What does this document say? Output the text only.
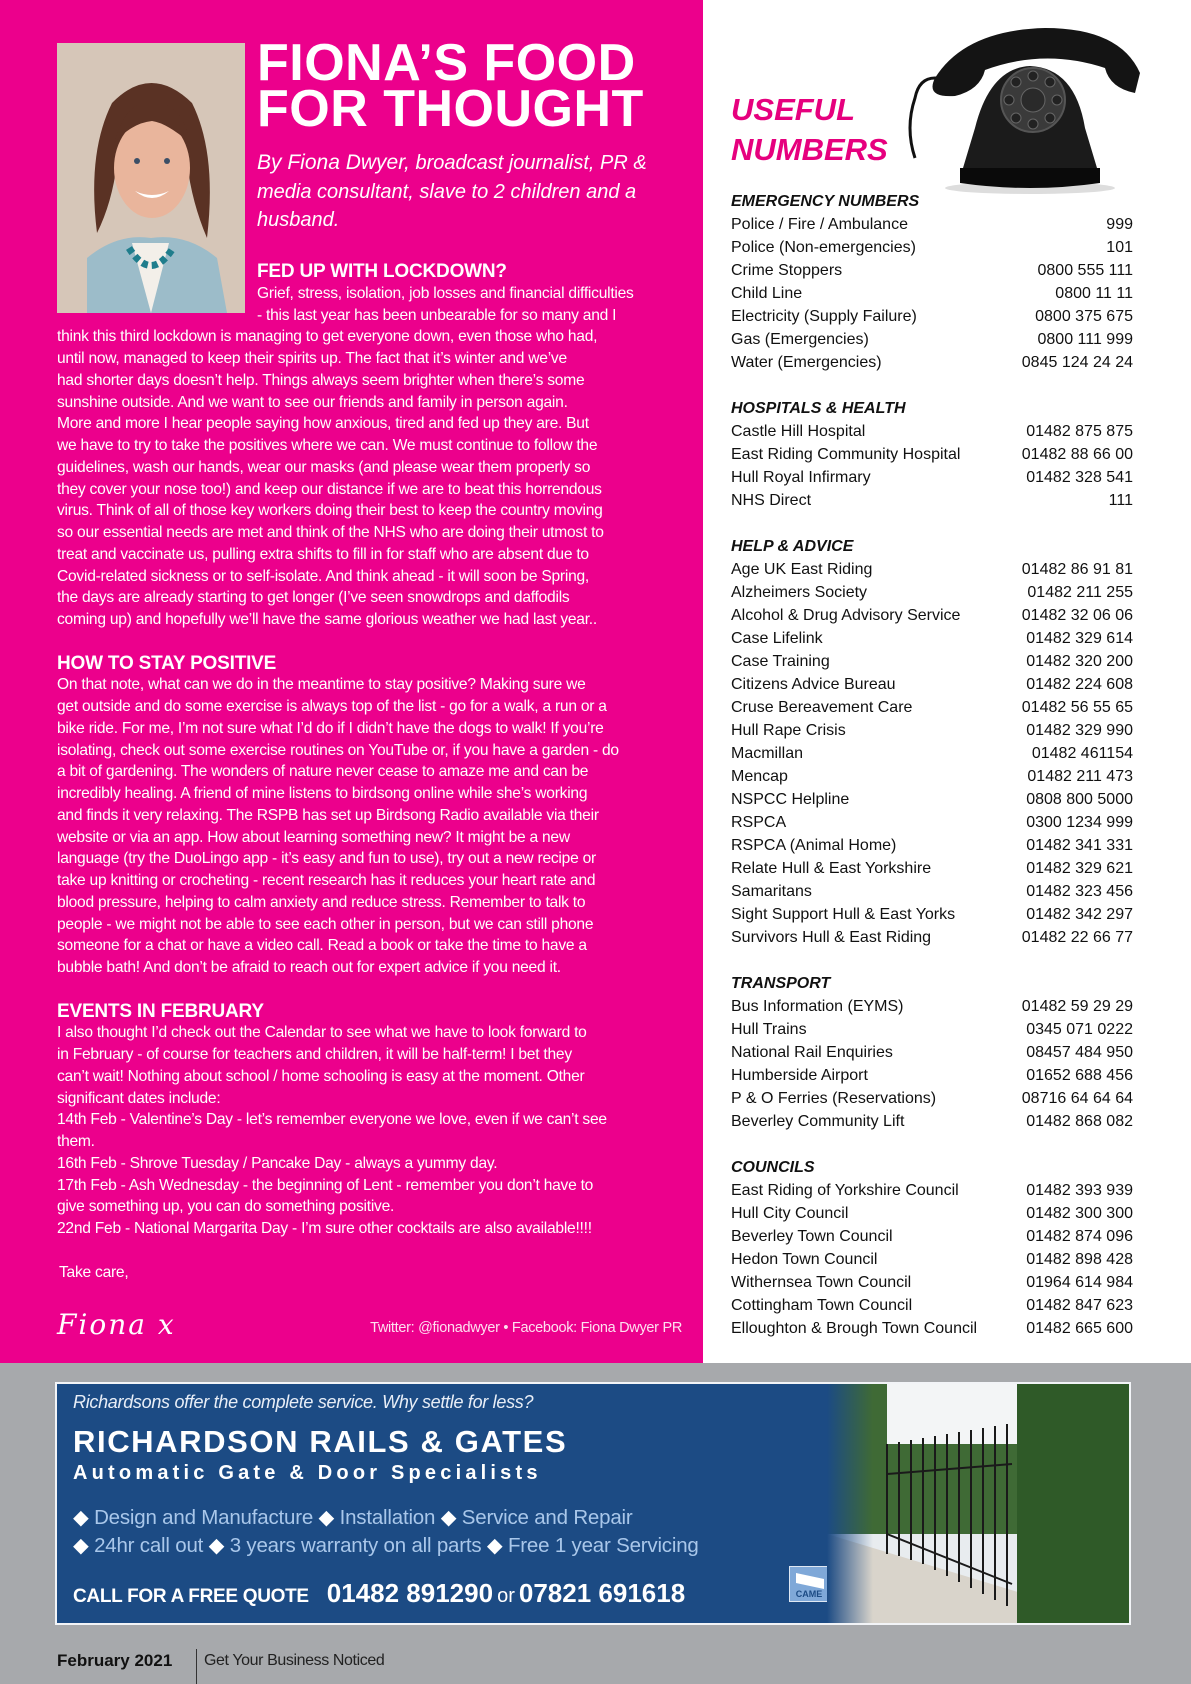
FIONA’S FOOD
FOR THOUGHT
By Fiona Dwyer, broadcast journalist, PR & media consultant, slave to 2 children and a husband.
FED UP WITH LOCKDOWN?
Grief, stress, isolation, job losses and financial difficulties
- this last year has been unbearable for so many and I
think this third lockdown is managing to get everyone down, even those who had,
until now, managed to keep their spirits up. The fact that it’s winter and we’ve
had shorter days doesn’t help. Things always seem brighter when there’s some
sunshine outside. And we want to see our friends and family in person again.
More and more I hear people saying how anxious, tired and fed up they are. But
we have to try to take the positives where we can. We must continue to follow the
guidelines, wash our hands, wear our masks (and please wear them properly so
they cover your nose too!) and keep our distance if we are to beat this horrendous
virus. Think of all of those key workers doing their best to keep the country moving
so our essential needs are met and think of the NHS who are doing their utmost to
treat and vaccinate us, pulling extra shifts to fill in for staff who are absent due to
Covid-related sickness or to self-isolate. And think ahead - it will soon be Spring,
the days are already starting to get longer (I’ve seen snowdrops and daffodils
coming up) and hopefully we’ll have the same glorious weather we had last year..
HOW TO STAY POSITIVE
On that note, what can we do in the meantime to stay positive? Making sure we
get outside and do some exercise is always top of the list - go for a walk, a run or a
bike ride. For me, I’m not sure what I’d do if I didn’t have the dogs to walk! If you’re
isolating, check out some exercise routines on YouTube or, if you have a garden - do
a bit of gardening. The wonders of nature never cease to amaze me and can be
incredibly healing. A friend of mine listens to birdsong online while she’s working
and finds it very relaxing. The RSPB has set up Birdsong Radio available via their
website or via an app. How about learning something new? It might be a new
language (try the DuoLingo app - it’s easy and fun to use), try out a new recipe or
take up knitting or crocheting - recent research has it reduces your heart rate and
blood pressure, helping to calm anxiety and reduce stress. Remember to talk to
people - we might not be able to see each other in person, but we can still phone
someone for a chat or have a video call. Read a book or take the time to have a
bubble bath! And don’t be afraid to reach out for expert advice if you need it.
EVENTS IN FEBRUARY
I also thought I’d check out the Calendar to see what we have to look forward to
in February - of course for teachers and children, it will be half-term! I bet they
can’t wait! Nothing about school / home schooling is easy at the moment. Other
significant dates include:
14th Feb - Valentine’s Day - let’s remember everyone we love, even if we can’t see
them.
16th Feb - Shrove Tuesday / Pancake Day - always a yummy day.
17th Feb - Ash Wednesday - the beginning of Lent - remember you don’t have to
give something up, you can do something positive.
22nd Feb - National Margarita Day - I’m sure other cocktails are also available!!!!
Take care,
Fiona x	Twitter: @fionadwyer • Facebook: Fiona Dwyer PR
USEFUL
NUMBERS
EMERGENCY NUMBERS
Police / Fire / Ambulance	999
Police (Non-emergencies)	101
Crime Stoppers	0800 555 111
Child Line	0800 11 11
Electricity (Supply Failure)	0800 375 675
Gas (Emergencies)	0800 111 999
Water (Emergencies)	0845 124 24 24
HOSPITALS & HEALTH
Castle Hill Hospital	01482 875 875
East Riding Community Hospital	01482 88 66 00
Hull Royal Infirmary	01482 328 541
NHS Direct	111
HELP & ADVICE
Age UK East Riding	01482 86 91 81
Alzheimers Society	01482 211 255
Alcohol & Drug Advisory Service	01482 32 06 06
Case Lifelink	01482 329 614
Case Training	01482 320 200
Citizens Advice Bureau	01482 224 608
Cruse Bereavement Care	01482 56 55 65
Hull Rape Crisis	01482 329 990
Macmillan	01482 461154
Mencap	01482 211 473
NSPCC Helpline	0808 800 5000
RSPCA	0300 1234 999
RSPCA (Animal Home)	01482 341 331
Relate Hull & East Yorkshire	01482 329 621
Samaritans	01482 323 456
Sight Support Hull & East Yorks	01482 342 297
Survivors Hull & East Riding	01482 22 66 77
TRANSPORT
Bus Information (EYMS)	01482 59 29 29
Hull Trains	0345 071 0222
National Rail Enquiries	08457 484 950
Humberside Airport	01652 688 456
P & O Ferries (Reservations)	08716 64 64 64
Beverley Community Lift	01482 868 082
COUNCILS
East Riding of Yorkshire Council	01482 393 939
Hull City Council	01482 300 300
Beverley Town Council	01482 874 096
Hedon Town Council	01482 898 428
Withernsea Town Council	01964 614 984
Cottingham Town Council	01482 847 623
Elloughton & Brough Town Council	01482 665 600
Richardsons offer the complete service. Why settle for less?
RICHARDSON RAILS & GATES
Automatic Gate & Door Specialists
◆ Design and Manufacture ◆ Installation ◆ Service and Repair
◆ 24hr call out ◆ 3 years warranty on all parts ◆ Free 1 year Servicing
CALL FOR A FREE QUOTE 01482 891290 or 07821 691618	CAME
February 2021 Get Your Business Noticed
